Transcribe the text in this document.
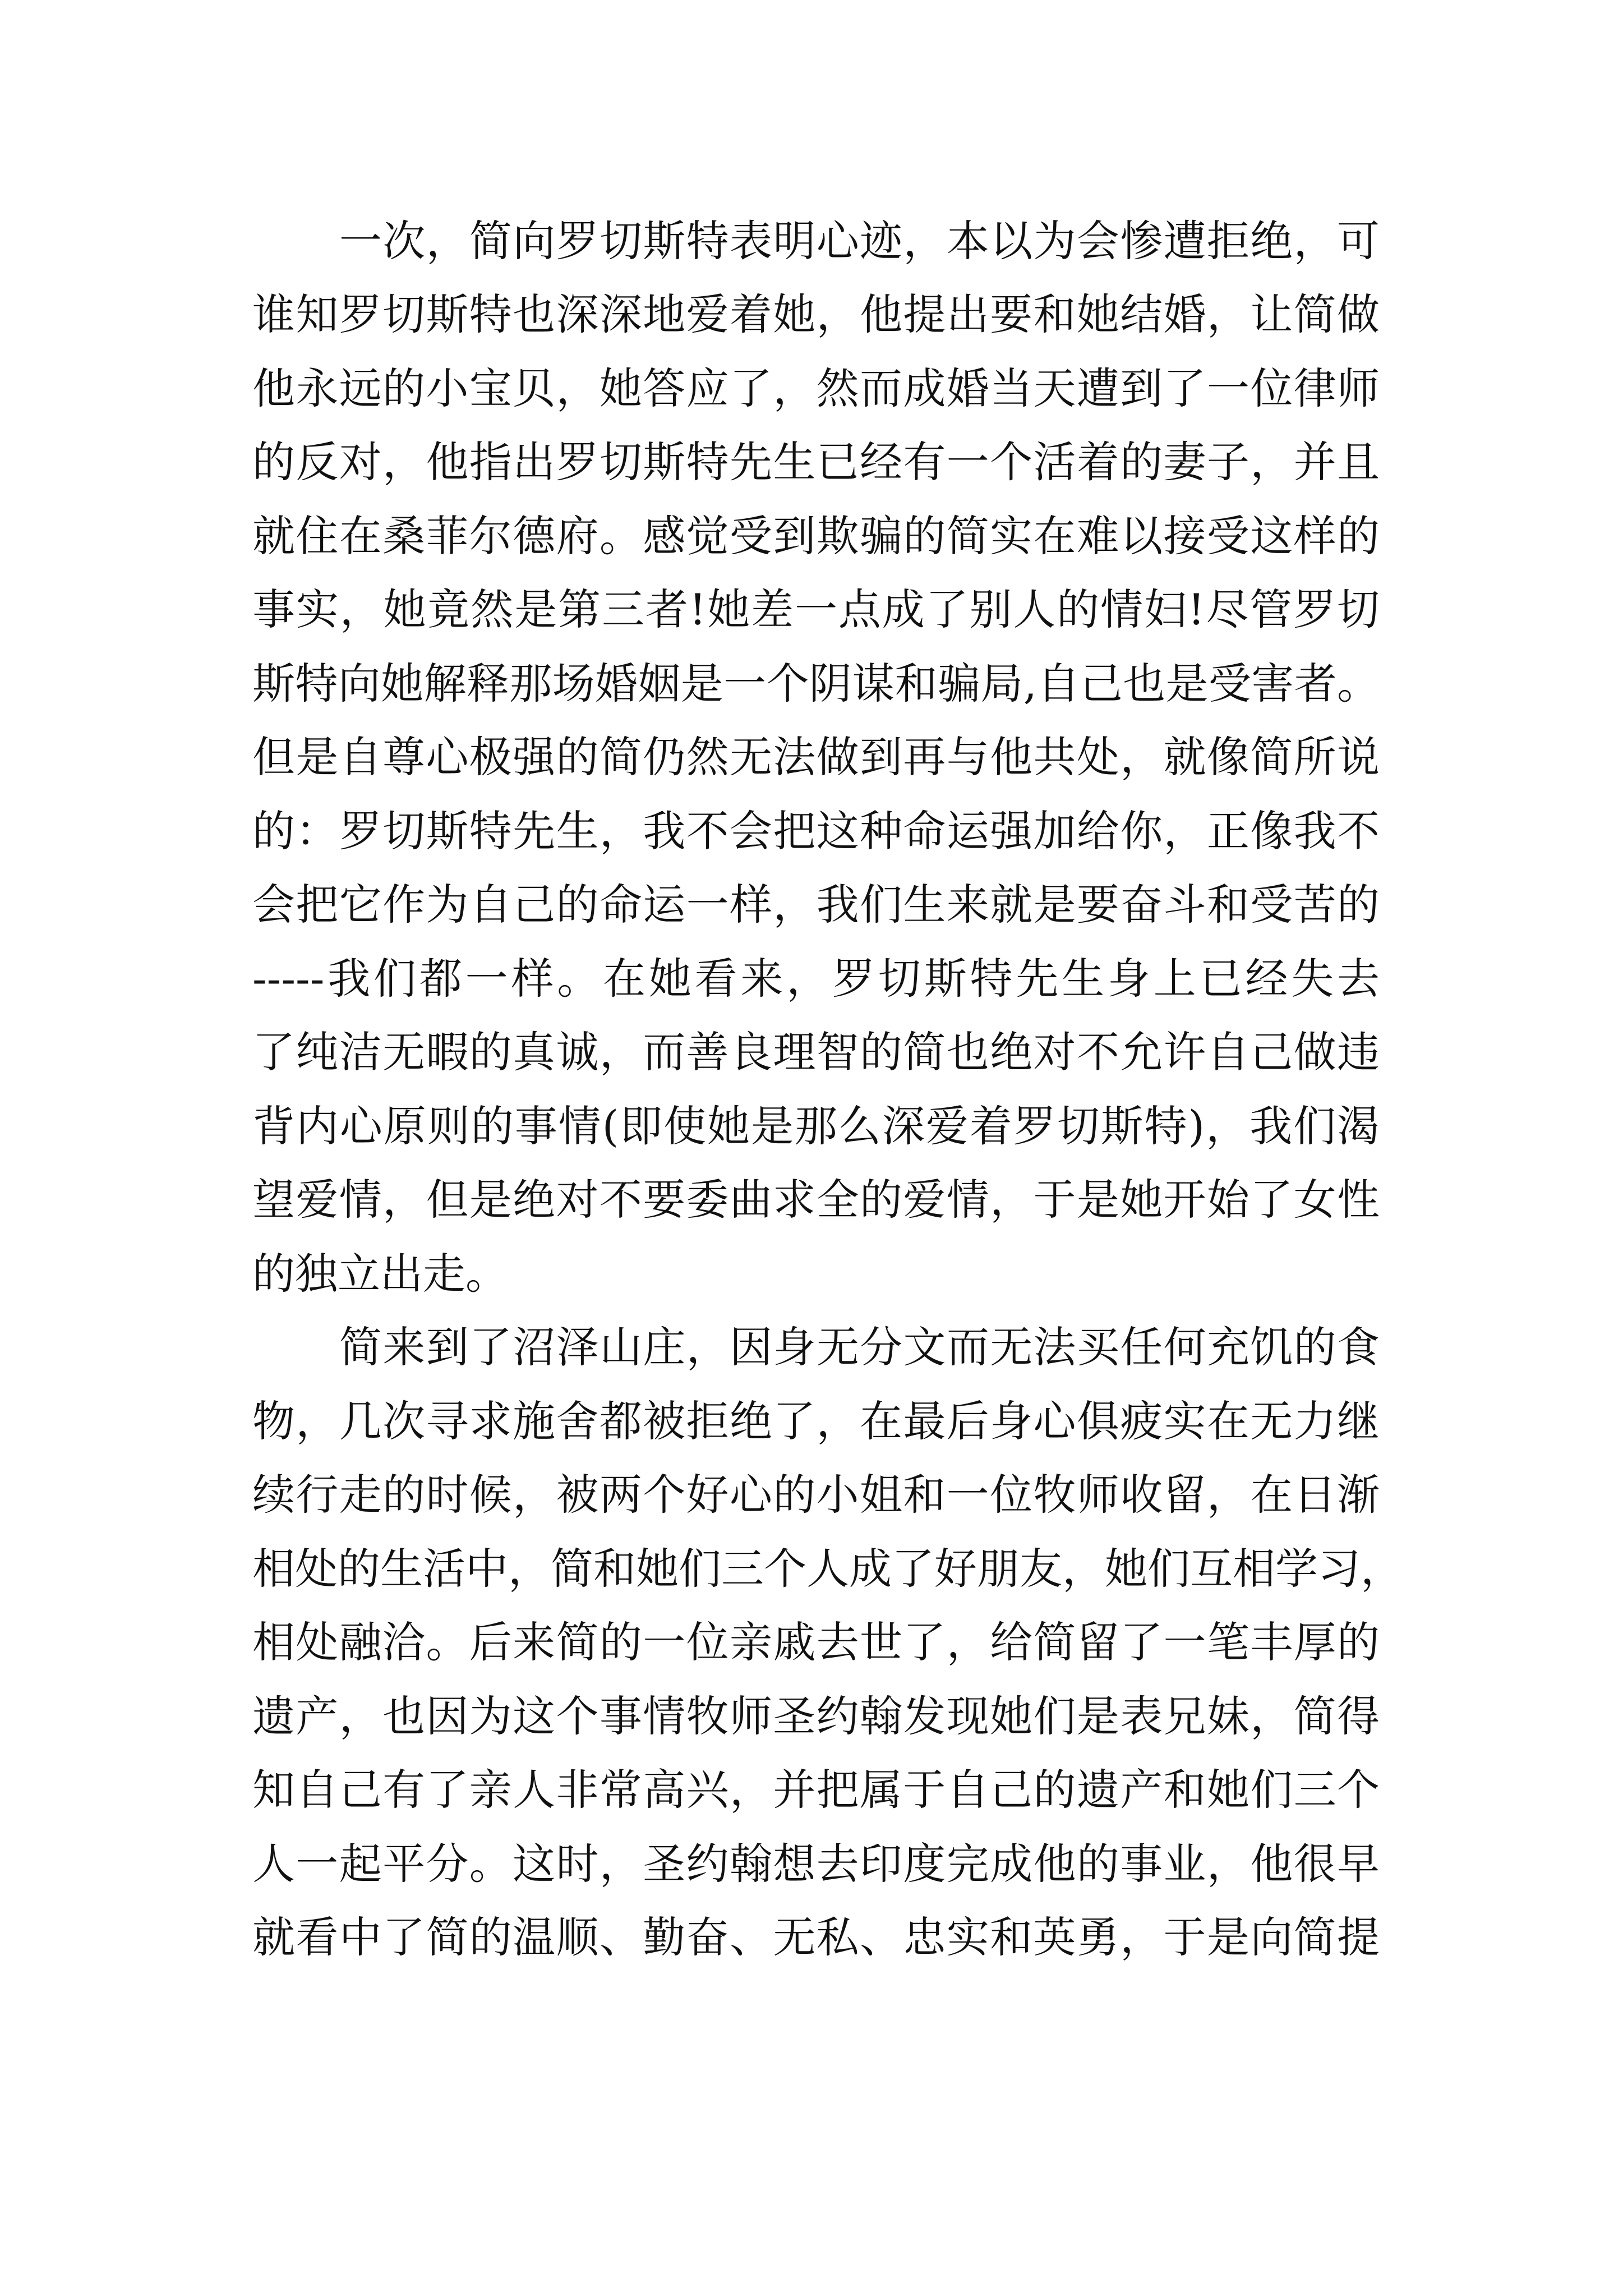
一次，简向罗切斯特表明心迹，本以为会惨遭拒绝，可
谁知罗切斯特也深深地爱着她，他提出要和她结婚，让简做
他永远的小宝贝，她答应了，然而成婚当天遭到了一位律师
的反对，他指出罗切斯特先生已经有一个活着的妻子，并且
就住在桑菲尔德府。感觉受到欺骗的简实在难以接受这样的
事实，她竟然是第三者!她差一点成了别人的情妇!尽管罗切
斯特向她解释那场婚姻是一个阴谋和骗局,自己也是受害者。
但是自尊心极强的简仍然无法做到再与他共处，就像简所说
的：罗切斯特先生，我不会把这种命运强加给你，正像我不
会把它作为自己的命运一样，我们生来就是要奋斗和受苦的
-----我们都一样。在她看来，罗切斯特先生身上已经失去
了纯洁无暇的真诚，而善良理智的简也绝对不允许自己做违
背内心原则的事情(即使她是那么深爱着罗切斯特)，我们渴
望爱情，但是绝对不要委曲求全的爱情，于是她开始了女性
的独立出走。
简来到了沼泽山庄，因身无分文而无法买任何充饥的食
物，几次寻求施舍都被拒绝了，在最后身心俱疲实在无力继
续行走的时候，被两个好心的小姐和一位牧师收留，在日渐
相处的生活中，简和她们三个人成了好朋友，她们互相学习，
相处融洽。后来简的一位亲戚去世了，给简留了一笔丰厚的
遗产，也因为这个事情牧师圣约翰发现她们是表兄妹，简得
知自己有了亲人非常高兴，并把属于自己的遗产和她们三个
人一起平分。这时，圣约翰想去印度完成他的事业，他很早
就看中了简的温顺、勤奋、无私、忠实和英勇，于是向简提
